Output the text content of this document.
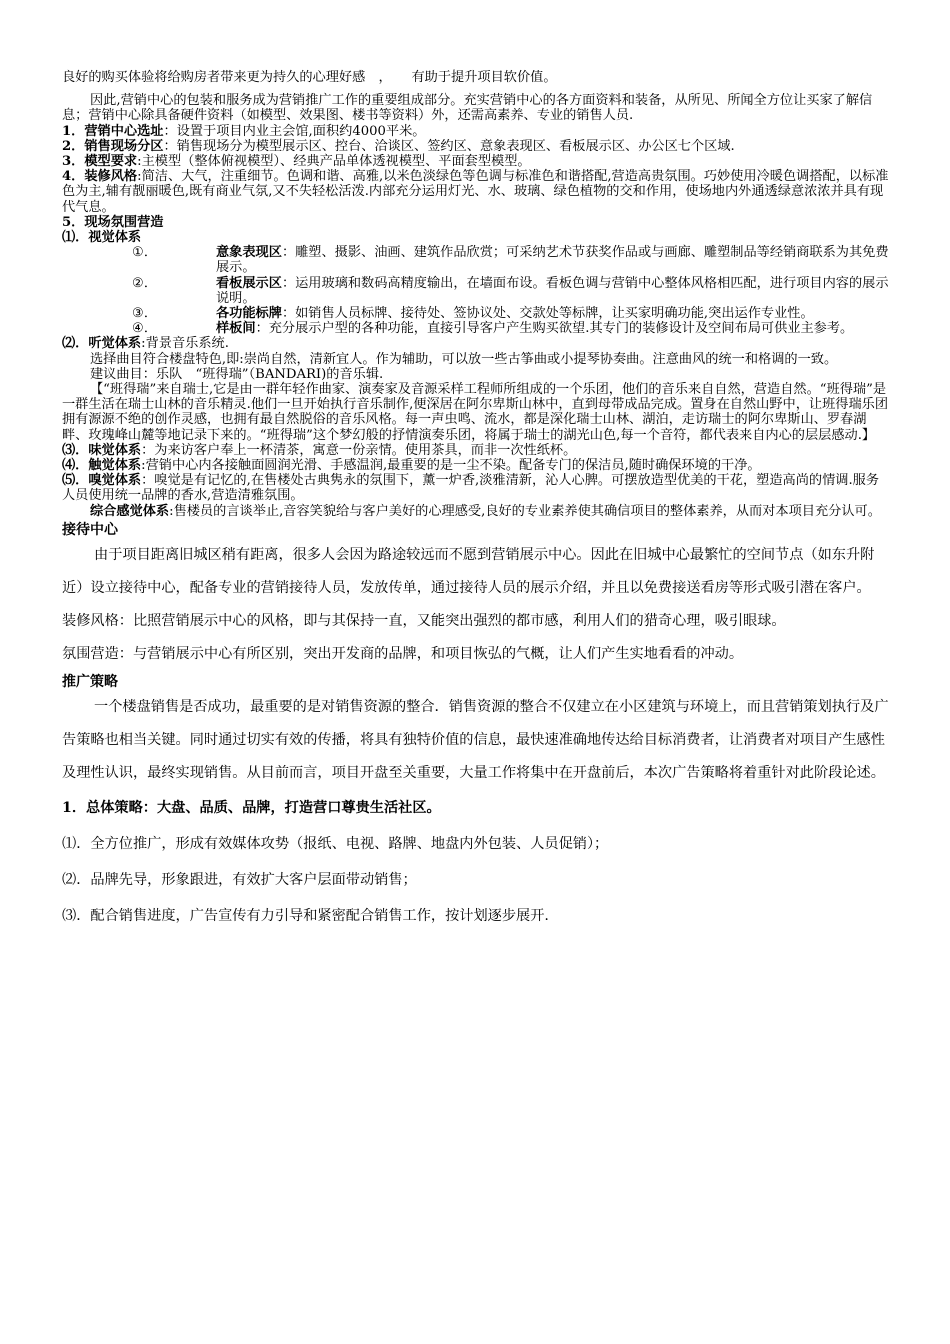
良好的购买体验将给购房者带来更为持久的心理好感　，　　有助于提升项目软价值。

因此,营销中心的包装和服务成为营销推广工作的重要组成部分。充实营销中心的各方面资料和装备，从所见、所闻全方位让买家了解信息；营销中心除具备硬件资料（如模型、效果图、楼书等资料）外，还需高素养、专业的销售人员.

1．营销中心选址：设置于项目内业主会馆,面积约4000平米。

2．销售现场分区：销售现场分为模型展示区、控台、洽谈区、签约区、意象表现区、看板展示区、办公区七个区域.

3．模型要求:主模型（整体俯视模型）、经典产品单体透视模型、平面套型模型。

4．装修风格:简洁、大气，注重细节。色调和谐、高雅,以米色淡绿色等色调与标准色和谐搭配,营造高贵氛围。巧妙使用冷暖色调搭配，以标准色为主,辅有靓丽暖色,既有商业气氛,又不失轻松活泼.内部充分运用灯光、水、玻璃、绿色植物的交和作用，使场地内外通透绿意浓浓并具有现代气息。

5．现场氛围营造

⑴．视觉体系

①．	意象表现区：雕塑、摄影、油画、建筑作品欣赏；可采纳艺术节获奖作品或与画廊、雕塑制品等经销商联系为其免费展示。
②．	看板展示区：运用玻璃和数码高精度输出，在墙面布设。看板色调与营销中心整体风格相匹配，进行项目内容的展示说明。
③．	各功能标牌：如销售人员标牌、接待处、签协议处、交款处等标牌，让买家明确功能,突出运作专业性。
④．	样板间：充分展示户型的各种功能，直接引导客户产生购买欲望.其专门的装修设计及空间布局可供业主参考。

⑵．听觉体系:背景音乐系统.

选择曲目符合楼盘特色,即:崇尚自然，清新宜人。作为辅助，可以放一些古筝曲或小提琴协奏曲。注意曲风的统一和格调的一致。

建议曲目：乐队　“班得瑞”（BANDARI)的音乐辑.

【“班得瑞”来自瑞士,它是由一群年轻作曲家、演奏家及音源采样工程师所组成的一个乐团，他们的音乐来自自然，营造自然。“班得瑞”是一群生活在瑞士山林的音乐精灵.他们一旦开始执行音乐制作,便深居在阿尔卑斯山林中，直到母带成品完成。置身在自然山野中，让班得瑞乐团拥有源源不绝的创作灵感，也拥有最自然脱俗的音乐风格。每一声虫鸣、流水，都是深化瑞士山林、湖泊，走访瑞士的阿尔卑斯山、罗春湖畔、玫瑰峰山麓等地记录下来的。“班得瑞”这个梦幻般的抒情演奏乐团，将属于瑞士的湖光山色,每一个音符，都代表来自内心的层层感动.】

⑶．味觉体系：为来访客户奉上一杯清茶，寓意一份亲情。使用茶具，而非一次性纸杯。

⑷．触觉体系:营销中心内各接触面圆润光滑、手感温润,最重要的是一尘不染。配备专门的保洁员,随时确保环境的干净。

⑸．嗅觉体系：嗅觉是有记忆的,在售楼处古典隽永的氛围下，薰一炉香,淡雅清新，沁人心脾。可摆放造型优美的干花，塑造高尚的情调.服务人员使用统一品牌的香水,营造清雅氛围。

综合感觉体系:售楼员的言谈举止,音容笑貌给与客户美好的心理感受,良好的专业素养使其确信项目的整体素养，从而对本项目充分认可。

接待中心

由于项目距离旧城区稍有距离，很多人会因为路途较远而不愿到营销展示中心。因此在旧城中心最繁忙的空间节点（如东升附近）设立接待中心，配备专业的营销接待人员，发放传单，通过接待人员的展示介绍，并且以免费接送看房等形式吸引潜在客户。

装修风格：比照营销展示中心的风格，即与其保持一直，又能突出强烈的都市感，利用人们的猎奇心理，吸引眼球。

氛围营造：与营销展示中心有所区别，突出开发商的品牌，和项目恢弘的气概，让人们产生实地看看的冲动。

推广策略

一个楼盘销售是否成功，最重要的是对销售资源的整合．销售资源的整合不仅建立在小区建筑与环境上，而且营销策划执行及广告策略也相当关键。同时通过切实有效的传播，将具有独特价值的信息，最快速准确地传达给目标消费者，让消费者对项目产生感性及理性认识，最终实现销售。从目前而言，项目开盘至关重要，大量工作将集中在开盘前后，本次广告策略将着重针对此阶段论述。

1．总体策略：大盘、品质、品牌，打造营口尊贵生活社区。

⑴．全方位推广，形成有效媒体攻势（报纸、电视、路牌、地盘内外包装、人员促销）；

⑵．品牌先导，形象跟进，有效扩大客户层面带动销售；

⑶．配合销售进度，广告宣传有力引导和紧密配合销售工作，按计划逐步展开.
